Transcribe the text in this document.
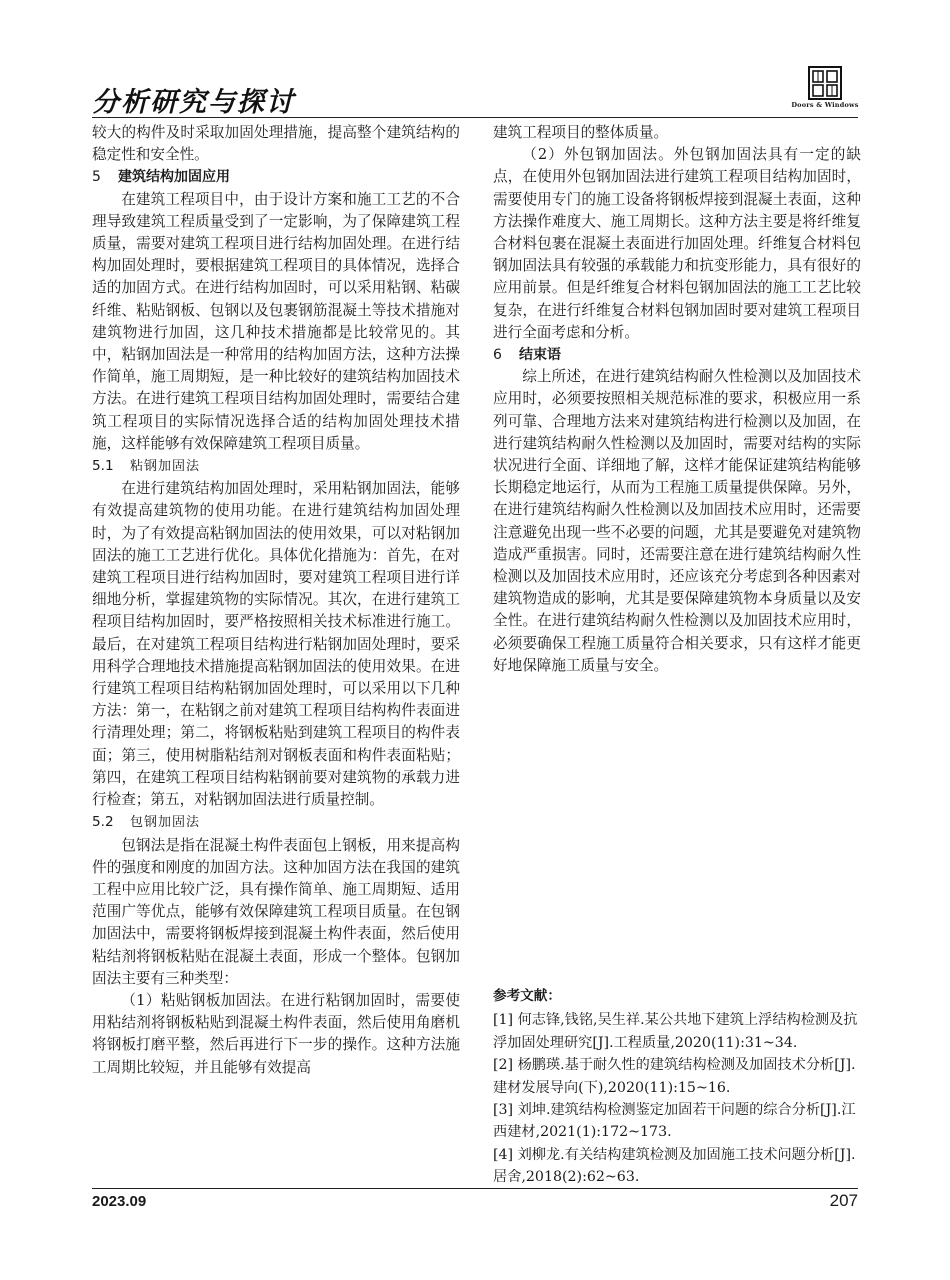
分析研究与探讨	Doors & Windows

较大的构件及时采取加固处理措施，提高整个建筑结构的稳定性和安全性。

5 建筑结构加固应用

在建筑工程项目中，由于设计方案和施工工艺的不合理导致建筑工程质量受到了一定影响，为了保障建筑工程质量，需要对建筑工程项目进行结构加固处理。在进行结构加固处理时，要根据建筑工程项目的具体情况，选择合适的加固方式。在进行结构加固时，可以采用粘钢、粘碳纤维、粘贴钢板、包钢以及包裹钢筋混凝土等技术措施对建筑物进行加固，这几种技术措施都是比较常见的。其中，粘钢加固法是一种常用的结构加固方法，这种方法操作简单，施工周期短，是一种比较好的建筑结构加固技术方法。在进行建筑工程项目结构加固处理时，需要结合建筑工程项目的实际情况选择合适的结构加固处理技术措施，这样能够有效保障建筑工程项目质量。

5.1 粘钢加固法

在进行建筑结构加固处理时，采用粘钢加固法，能够有效提高建筑物的使用功能。在进行建筑结构加固处理时，为了有效提高粘钢加固法的使用效果，可以对粘钢加固法的施工工艺进行优化。具体优化措施为：首先，在对建筑工程项目进行结构加固时，要对建筑工程项目进行详细地分析，掌握建筑物的实际情况。其次，在进行建筑工程项目结构加固时，要严格按照相关技术标准进行施工。最后，在对建筑工程项目结构进行粘钢加固处理时，要采用科学合理地技术措施提高粘钢加固法的使用效果。在进行建筑工程项目结构粘钢加固处理时，可以采用以下几种方法：第一，在粘钢之前对建筑工程项目结构构件表面进行清理处理；第二，将钢板粘贴到建筑工程项目的构件表面；第三，使用树脂粘结剂对钢板表面和构件表面粘贴；第四，在建筑工程项目结构粘钢前要对建筑物的承载力进行检查；第五，对粘钢加固法进行质量控制。

5.2 包钢加固法

包钢法是指在混凝土构件表面包上钢板，用来提高构件的强度和刚度的加固方法。这种加固方法在我国的建筑工程中应用比较广泛，具有操作简单、施工周期短、适用范围广等优点，能够有效保障建筑工程项目质量。在包钢加固法中，需要将钢板焊接到混凝土构件表面，然后使用粘结剂将钢板粘贴在混凝土表面，形成一个整体。包钢加固法主要有三种类型：

（1）粘贴钢板加固法。在进行粘钢加固时，需要使用粘结剂将钢板粘贴到混凝土构件表面，然后使用角磨机将钢板打磨平整，然后再进行下一步的操作。这种方法施工周期比较短，并且能够有效提高

建筑工程项目的整体质量。

（2）外包钢加固法。外包钢加固法具有一定的缺点，在使用外包钢加固法进行建筑工程项目结构加固时，需要使用专门的施工设备将钢板焊接到混凝土表面，这种方法操作难度大、施工周期长。这种方法主要是将纤维复合材料包裹在混凝土表面进行加固处理。纤维复合材料包钢加固法具有较强的承载能力和抗变形能力，具有很好的应用前景。但是纤维复合材料包钢加固法的施工工艺比较复杂，在进行纤维复合材料包钢加固时要对建筑工程项目进行全面考虑和分析。

6 结束语

综上所述，在进行建筑结构耐久性检测以及加固技术应用时，必须要按照相关规范标准的要求，积极应用一系列可靠、合理地方法来对建筑结构进行检测以及加固，在进行建筑结构耐久性检测以及加固时，需要对结构的实际状况进行全面、详细地了解，这样才能保证建筑结构能够长期稳定地运行，从而为工程施工质量提供保障。另外，在进行建筑结构耐久性检测以及加固技术应用时，还需要注意避免出现一些不必要的问题，尤其是要避免对建筑物造成严重损害。同时，还需要注意在进行建筑结构耐久性检测以及加固技术应用时，还应该充分考虑到各种因素对建筑物造成的影响，尤其是要保障建筑物本身质量以及安全性。在进行建筑结构耐久性检测以及加固技术应用时，必须要确保工程施工质量符合相关要求，只有这样才能更好地保障施工质量与安全。

参考文献：

[1] 何志锋,钱铭,吴生祥.某公共地下建筑上浮结构检测及抗浮加固处理研究[J].工程质量,2020(11):31~34.

[2] 杨鹏瑛.基于耐久性的建筑结构检测及加固技术分析[J].建材发展导向(下),2020(11):15~16.

[3] 刘坤.建筑结构检测鉴定加固若干问题的综合分析[J].江西建材,2021(1):172~173.

[4] 刘柳龙.有关结构建筑检测及加固施工技术问题分析[J].居舍,2018(2):62~63.

2023.09	207
